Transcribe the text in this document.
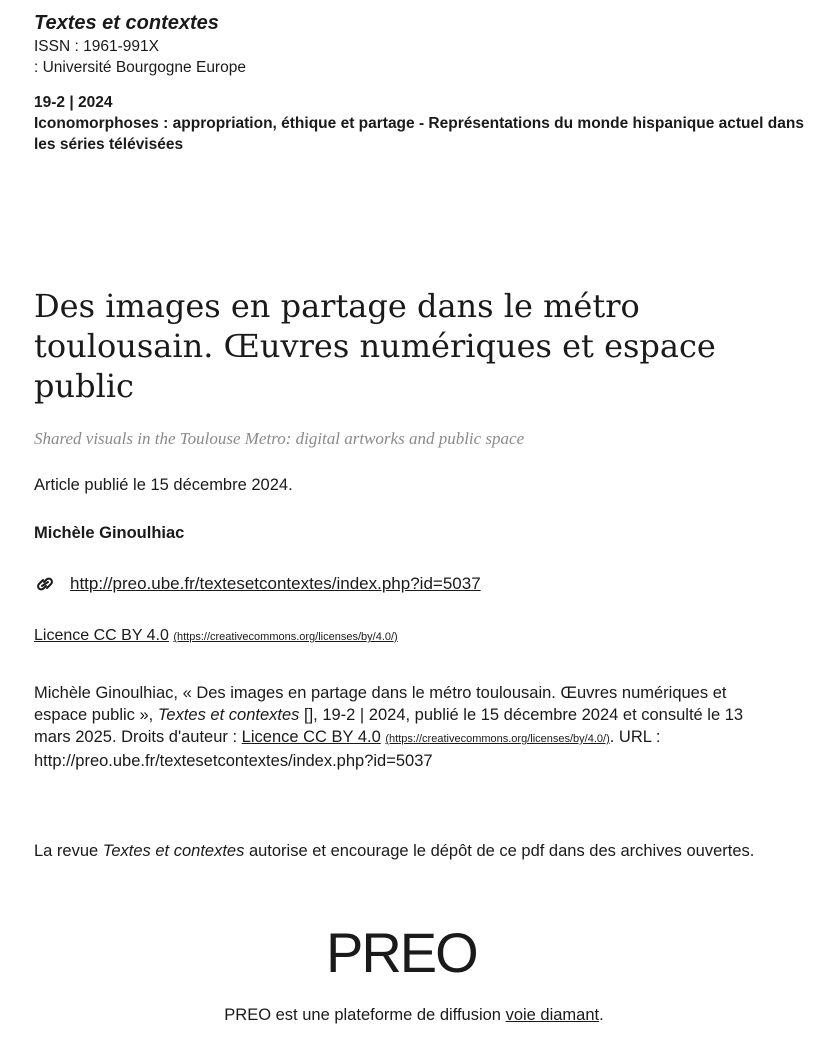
Textes et contextes

ISSN : 1961-991X

: Université Bourgogne Europe

19-2 | 2024

Iconomorphoses : appropriation, éthique et partage - Représentations du monde hispanique actuel dans les séries télévisées

Des images en partage dans le métro toulousain. Œuvres numériques et espace public

Shared visuals in the Toulouse Metro: digital artworks and public space

Article publié le 15 décembre 2024.

Michèle Ginoulhiac

http://preo.ube.fr/textesetcontextes/index.php?id=5037

Licence CC BY 4.0 (https://creativecommons.org/licenses/by/4.0/)

Michèle Ginoulhiac, « Des images en partage dans le métro toulousain. Œuvres numériques et espace public », Textes et contextes [], 19-2 | 2024, publié le 15 décembre 2024 et consulté le 13 mars 2025. Droits d'auteur : Licence CC BY 4.0 (https://creativecommons.org/licenses/by/4.0/). URL :
http://preo.ube.fr/textesetcontextes/index.php?id=5037

La revue Textes et contextes autorise et encourage le dépôt de ce pdf dans des archives ouvertes.

PREO

PREO est une plateforme de diffusion voie diamant.
